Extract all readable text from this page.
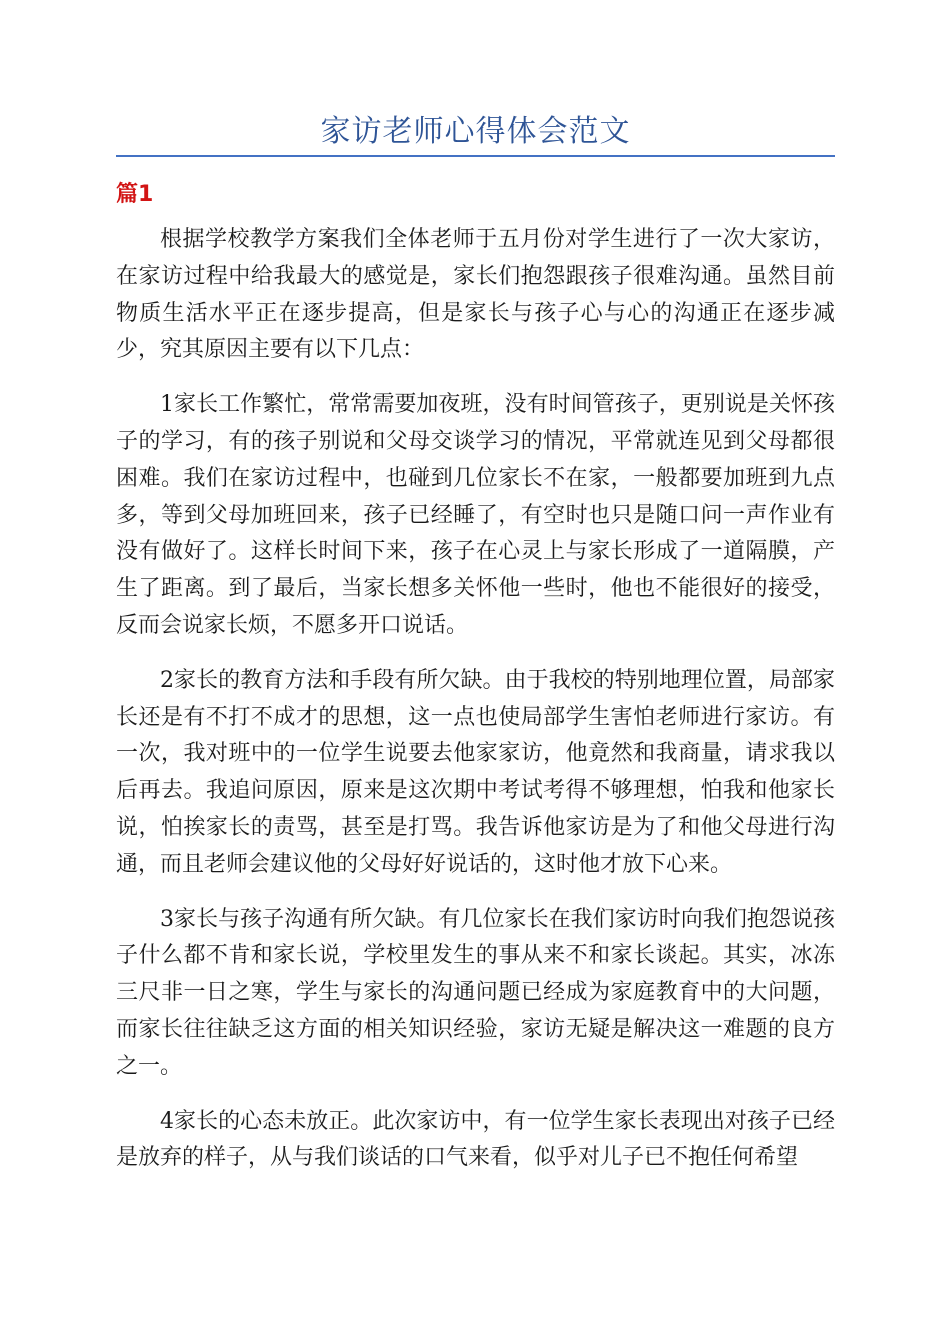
家访老师心得体会范文
篇1

根据学校教学方案我们全体老师于五月份对学生进行了一次大家访，在家访过程中给我最大的感觉是，家长们抱怨跟孩子很难沟通。虽然目前物质生活水平正在逐步提高，但是家长与孩子心与心的沟通正在逐步减少，究其原因主要有以下几点：

1家长工作繁忙，常常需要加夜班，没有时间管孩子，更别说是关怀孩子的学习，有的孩子别说和父母交谈学习的情况，平常就连见到父母都很困难。我们在家访过程中，也碰到几位家长不在家，一般都要加班到九点多，等到父母加班回来，孩子已经睡了，有空时也只是随口问一声作业有没有做好了。这样长时间下来，孩子在心灵上与家长形成了一道隔膜，产生了距离。到了最后，当家长想多关怀他一些时，他也不能很好的接受，反而会说家长烦，不愿多开口说话。

2家长的教育方法和手段有所欠缺。由于我校的特别地理位置，局部家长还是有不打不成才的思想，这一点也使局部学生害怕老师进行家访。有一次，我对班中的一位学生说要去他家家访，他竟然和我商量，请求我以后再去。我追问原因，原来是这次期中考试考得不够理想，怕我和他家长说，怕挨家长的责骂，甚至是打骂。我告诉他家访是为了和他父母进行沟通，而且老师会建议他的父母好好说话的，这时他才放下心来。

3家长与孩子沟通有所欠缺。有几位家长在我们家访时向我们抱怨说孩子什么都不肯和家长说，学校里发生的事从来不和家长谈起。其实，冰冻三尺非一日之寒，学生与家长的沟通问题已经成为家庭教育中的大问题，而家长往往缺乏这方面的相关知识经验，家访无疑是解决这一难题的良方之一。

4家长的心态未放正。此次家访中，有一位学生家长表现出对孩子已经是放弃的样子，从与我们谈话的口气来看，似乎对儿子已不抱任何希望
